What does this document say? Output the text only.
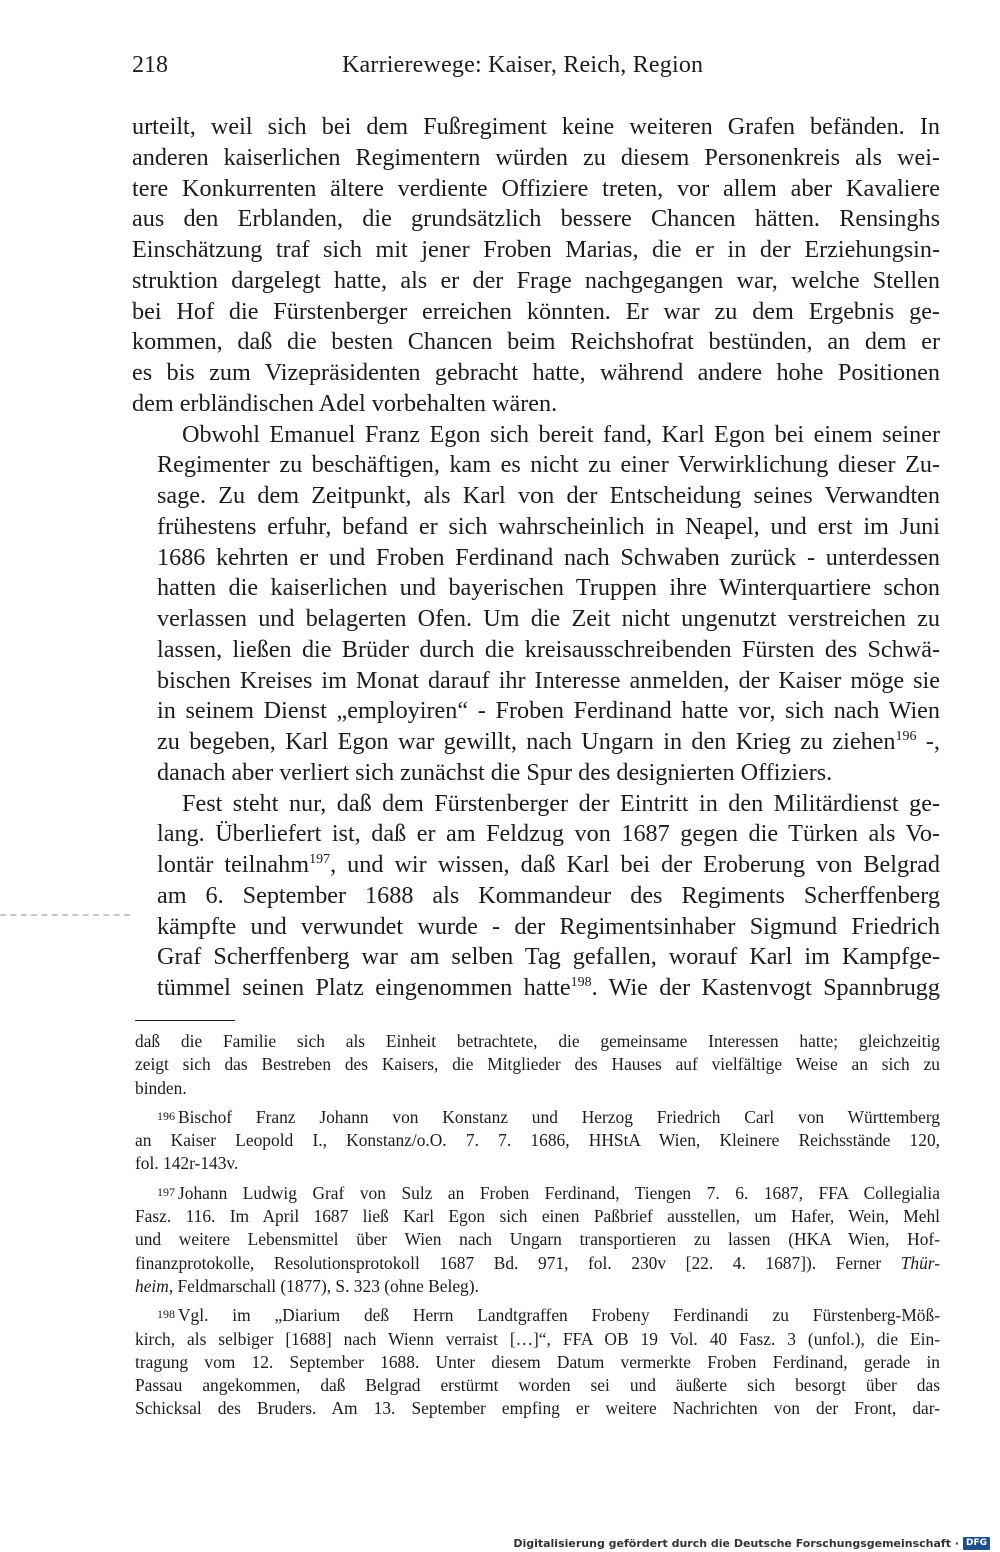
218	Karrierewege: Kaiser, Reich, Region
urteilt, weil sich bei dem Fußregiment keine weiteren Grafen befänden. In
anderen kaiserlichen Regimentern würden zu diesem Personenkreis als wei-
tere Konkurrenten ältere verdiente Offiziere treten, vor allem aber Kavaliere
aus den Erblanden, die grundsätzlich bessere Chancen hätten. Rensinghs
Einschätzung traf sich mit jener Froben Marias, die er in der Erziehungsin-
struktion dargelegt hatte, als er der Frage nachgegangen war, welche Stellen
bei Hof die Fürstenberger erreichen könnten. Er war zu dem Ergebnis ge-
kommen, daß die besten Chancen beim Reichshofrat bestünden, an dem er
es bis zum Vizepräsidenten gebracht hatte, während andere hohe Positionen
dem erbländischen Adel vorbehalten wären.
Obwohl Emanuel Franz Egon sich bereit fand, Karl Egon bei einem seiner
Regimenter zu beschäftigen, kam es nicht zu einer Verwirklichung dieser Zu-
sage. Zu dem Zeitpunkt, als Karl von der Entscheidung seines Verwandten
frühestens erfuhr, befand er sich wahrscheinlich in Neapel, und erst im Juni
1686 kehrten er und Froben Ferdinand nach Schwaben zurück - unterdessen
hatten die kaiserlichen und bayerischen Truppen ihre Winterquartiere schon
verlassen und belagerten Ofen. Um die Zeit nicht ungenutzt verstreichen zu
lassen, ließen die Brüder durch die kreisausschreibenden Fürsten des Schwä-
bischen Kreises im Monat darauf ihr Interesse anmelden, der Kaiser möge sie
in seinem Dienst „employiren“ - Froben Ferdinand hatte vor, sich nach Wien
zu begeben, Karl Egon war gewillt, nach Ungarn in den Krieg zu ziehen$^{196}$ -,
danach aber verliert sich zunächst die Spur des designierten Offiziers.
Fest steht nur, daß dem Fürstenberger der Eintritt in den Militärdienst ge-
lang. Überliefert ist, daß er am Feldzug von 1687 gegen die Türken als Vo-
lontär teilnahm$^{197}$, und wir wissen, daß Karl bei der Eroberung von Belgrad
am 6. September 1688 als Kommandeur des Regiments Scherffenberg
kämpfte und verwundet wurde - der Regimentsinhaber Sigmund Friedrich
Graf Scherffenberg war am selben Tag gefallen, worauf Karl im Kampfge-
tümmel seinen Platz eingenommen hatte$^{198}$. Wie der Kastenvogt Spannbrugg
daß die Familie sich als Einheit betrachtete, die gemeinsame Interessen hatte; gleichzeitig
zeigt sich das Bestreben des Kaisers, die Mitglieder des Hauses auf vielfältige Weise an sich zu
binden.
196 Bischof Franz Johann von Konstanz und Herzog Friedrich Carl von Württemberg
an Kaiser Leopold I., Konstanz/o.O. 7. 7. 1686, HHStA Wien, Kleinere Reichsstände 120,
fol. 142r-143v.
197 Johann Ludwig Graf von Sulz an Froben Ferdinand, Tiengen 7. 6. 1687, FFA Collegialia
Fasz. 116. Im April 1687 ließ Karl Egon sich einen Paßbrief ausstellen, um Hafer, Wein, Mehl
und weitere Lebensmittel über Wien nach Ungarn transportieren zu lassen (HKA Wien, Hof-
finanzprotokolle, Resolutionsprotokoll 1687 Bd. 971, fol. 230v [22. 4. 1687]). Ferner Thür-
heim, Feldmarschall (1877), S. 323 (ohne Beleg).
198 Vgl. im „Diarium deß Herrn Landtgraffen Frobeny Ferdinandi zu Fürstenberg-Möß-
kirch, als selbiger [1688] nach Wienn verraist […]“, FFA OB 19 Vol. 40 Fasz. 3 (unfol.), die Ein-
tragung vom 12. September 1688. Unter diesem Datum vermerkte Froben Ferdinand, gerade in
Passau angekommen, daß Belgrad erstürmt worden sei und äußerte sich besorgt über das
Schicksal des Bruders. Am 13. September empfing er weitere Nachrichten von der Front, dar-
Digitalisierung gefördert durch die Deutsche Forschungsgemeinschaft · DFG
